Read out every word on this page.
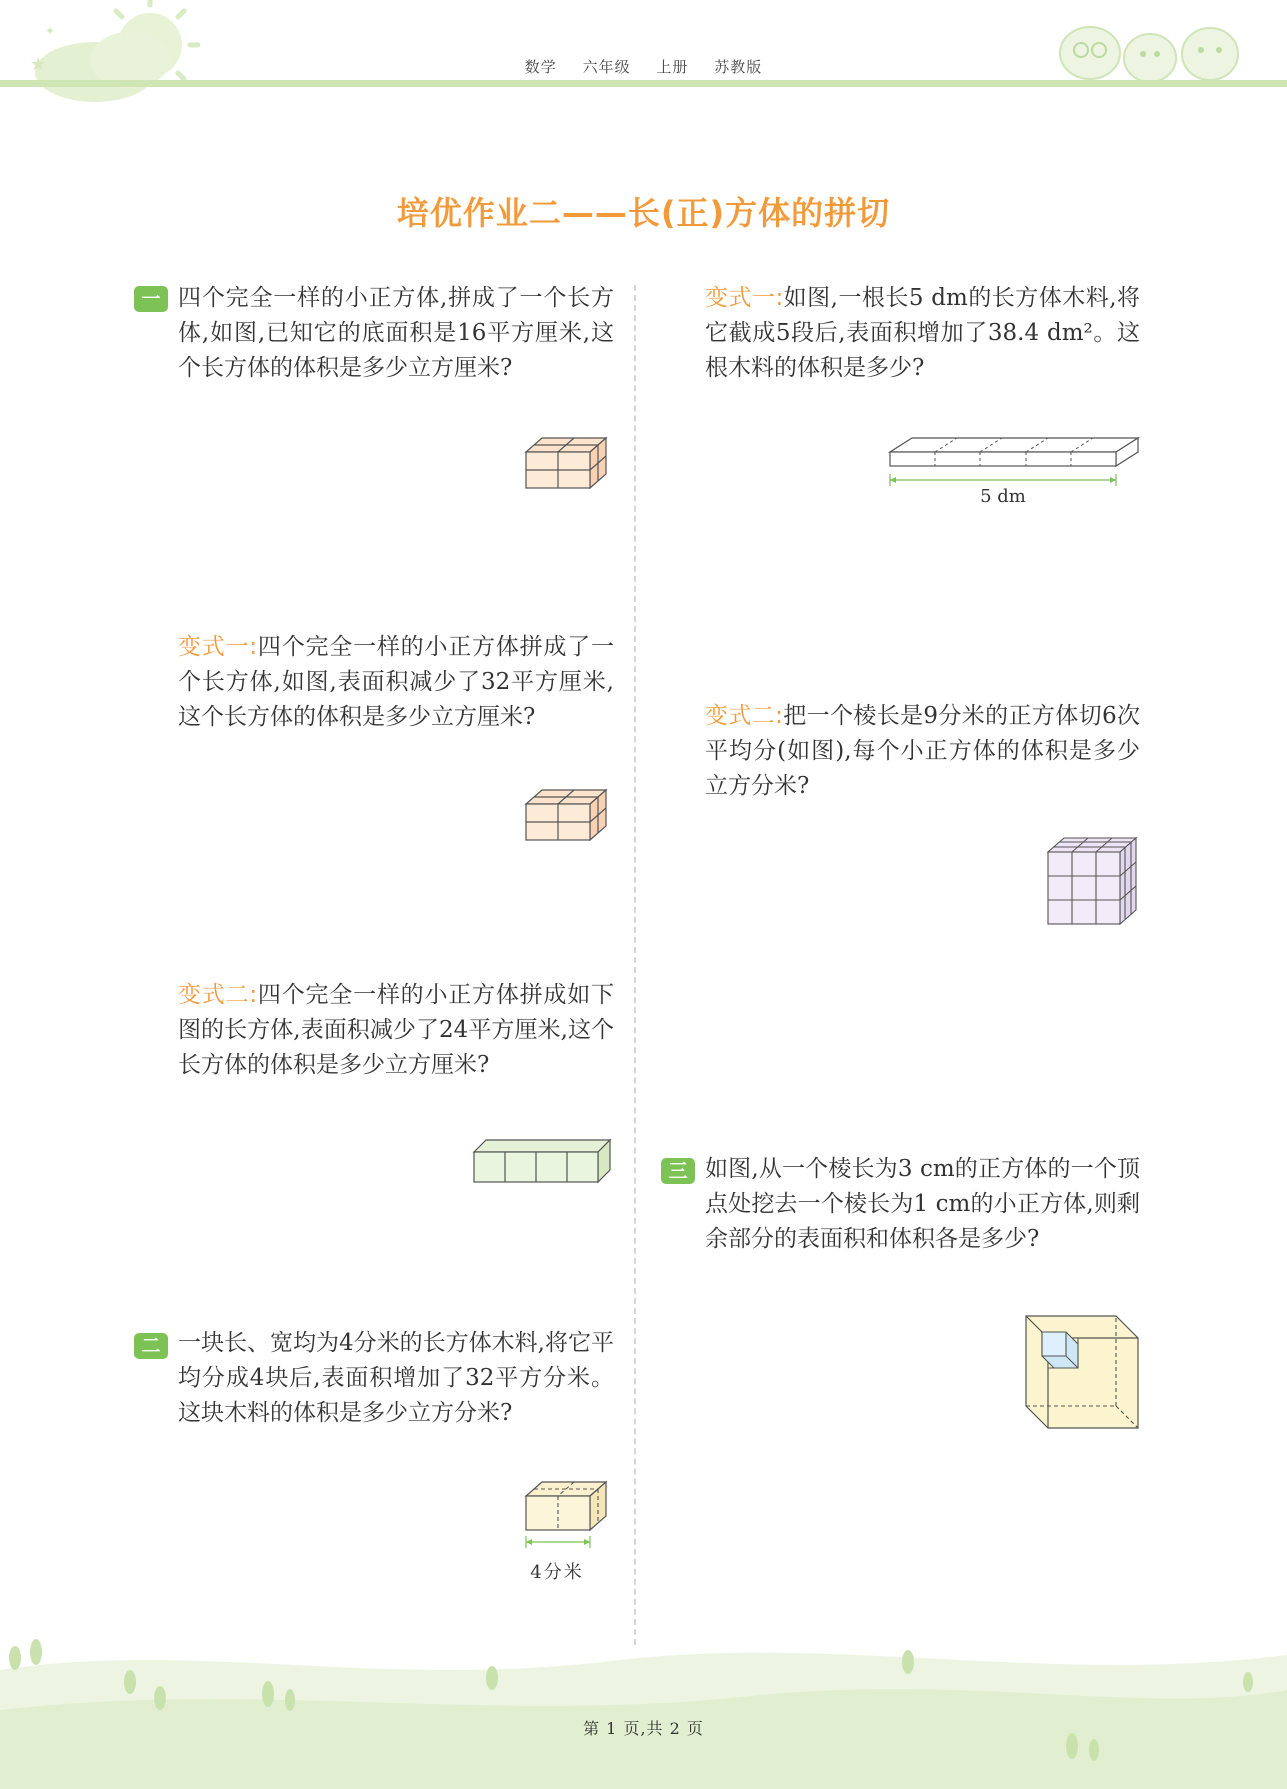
★
✦
数学 六年级 上册 苏教版
培优作业二——长(正)方体的拼切
一 四个完全一样的小正方体,拼成了一个长方体,如图,已知它的底面积是16平方厘米,这个长方体的体积是多少立方厘米?
变式一:四个完全一样的小正方体拼成了一个长方体,如图,表面积减少了32平方厘米,这个长方体的体积是多少立方厘米?
变式二:四个完全一样的小正方体拼成如下图的长方体,表面积减少了24平方厘米,这个长方体的体积是多少立方厘米?
二 一块长、宽均为4分米的长方体木料,将它平均分成4块后,表面积增加了32平方分米。这块木料的体积是多少立方分米?
4分米
变式一:如图,一根长5 dm的长方体木料,将它截成5段后,表面积增加了38.4 dm²。这根木料的体积是多少?
5 dm
变式二:把一个棱长是9分米的正方体切6次平均分(如图),每个小正方体的体积是多少立方分米?
三 如图,从一个棱长为3 cm的正方体的一个顶点处挖去一个棱长为1 cm的小正方体,则剩余部分的表面积和体积各是多少?
第 1 页,共 2 页
